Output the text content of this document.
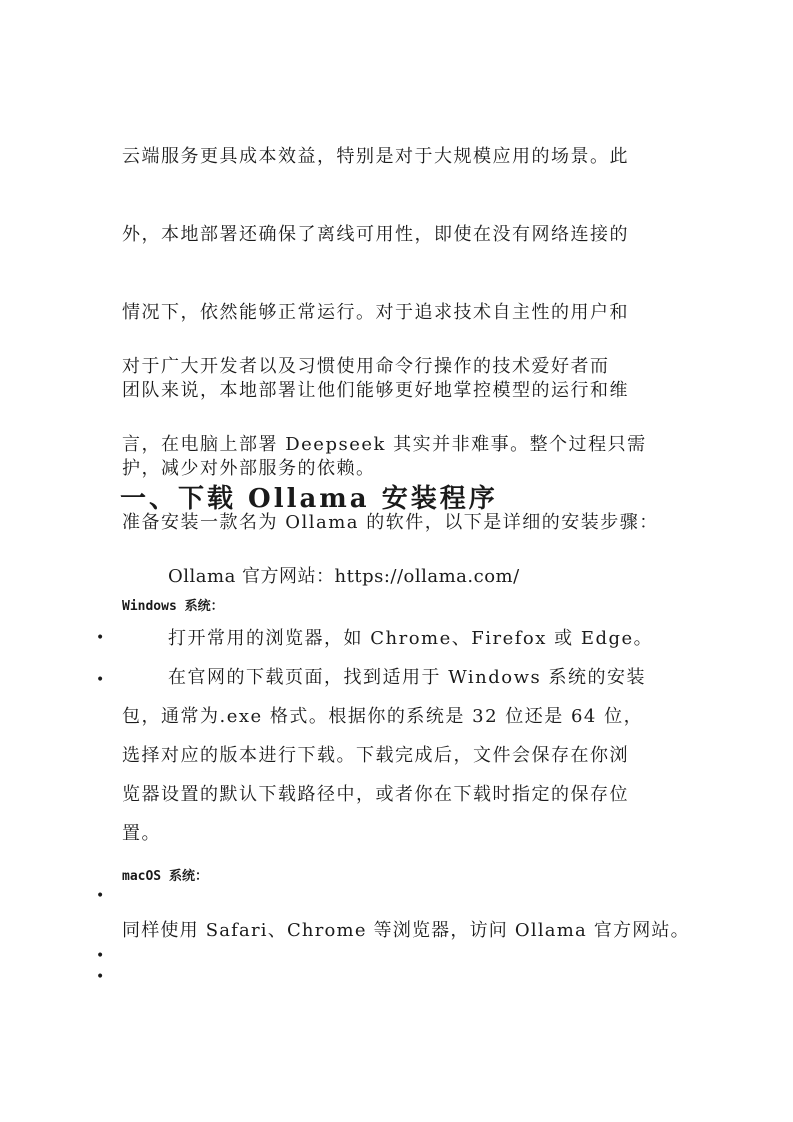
云端服务更具成本效益，特别是对于大规模应用的场景。此

外，本地部署还确保了离线可用性，即使在没有网络连接的

情况下，依然能够正常运行。对于追求技术自主性的用户和

团队来说，本地部署让他们能够更好地掌控模型的运行和维

护，减少对外部服务的依赖。

对于广大开发者以及习惯使用命令行操作的技术爱好者而

言，在电脑上部署 Deepseek 其实并非难事。整个过程只需

准备安装一款名为 Ollama 的软件，以下是详细的安装步骤：

一、下载 Ollama 安装程序

Ollama 官方网站：https://ollama.com/

Windows 系统：

•	打开常用的浏览器，如 Chrome、Firefox 或 Edge。

•	在官网的下载页面，找到适用于 Windows 系统的安装
包，通常为.exe 格式。根据你的系统是 32 位还是 64 位，
选择对应的版本进行下载。下载完成后，文件会保存在你浏
览器设置的默认下载路径中，或者你在下载时指定的保存位
置。

macOS 系统：

•

同样使用 Safari、Chrome 等浏览器，访问 Ollama 官方网站。

•
•
